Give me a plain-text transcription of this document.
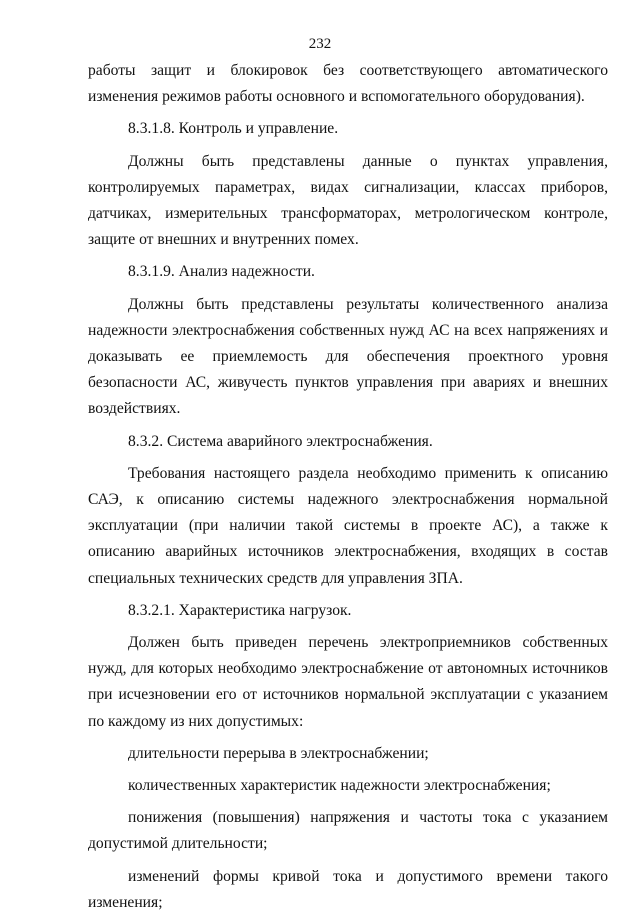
232

работы защит и блокировок без соответствующего автоматического изменения режимов работы основного и вспомогательного оборудования).

8.3.1.8. Контроль и управление.

Должны быть представлены данные о пунктах управления, контролируемых параметрах, видах сигнализации, классах приборов, датчиках, измерительных трансформаторах, метрологическом контроле, защите от внешних и внутренних помех.

8.3.1.9. Анализ надежности.

Должны быть представлены результаты количественного анализа надежности электроснабжения собственных нужд АС на всех напряжениях и доказывать ее приемлемость для обеспечения проектного уровня безопасности АС, живучесть пунктов управления при авариях и внешних воздействиях.

8.3.2. Система аварийного электроснабжения.

Требования настоящего раздела необходимо применить к описанию САЭ, к описанию системы надежного электроснабжения нормальной эксплуатации (при наличии такой системы в проекте АС), а также к описанию аварийных источников электроснабжения, входящих в состав специальных технических средств для управления ЗПА.

8.3.2.1. Характеристика нагрузок.

Должен быть приведен перечень электроприемников собственных нужд, для которых необходимо электроснабжение от автономных источников при исчезновении его от источников нормальной эксплуатации с указанием по каждому из них допустимых:

длительности перерыва в электроснабжении;

количественных характеристик надежности электроснабжения;

понижения (повышения) напряжения и частоты тока с указанием допустимой длительности;

изменений формы кривой тока и допустимого времени такого изменения;
